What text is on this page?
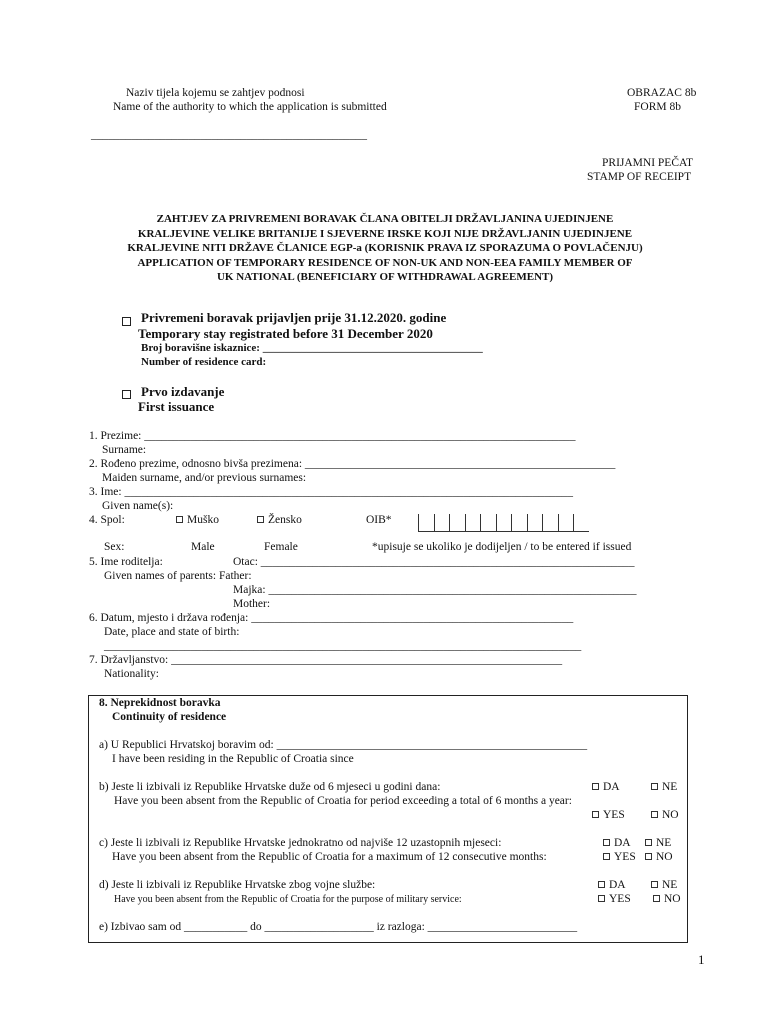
Naziv tijela kojemu se zahtjev podnosi
Name of the authority to which the application is submitted
OBRAZAC 8b
FORM 8b
________________________________________________
PRIJAMNI PEČAT
STAMP OF RECEIPT
ZAHTJEV ZA PRIVREMENI BORAVAK ČLANA OBITELJI DRŽAVLJANINA UJEDINJENE
KRALJEVINE VELIKE BRITANIJE I SJEVERNE IRSKE KOJI NIJE DRŽAVLJANIN UJEDINJENE
KRALJEVINE NITI DRŽAVE ČLANICE EGP-a (KORISNIK PRAVA IZ SPORAZUMA O POVLAČENJU)
APPLICATION OF TEMPORARY RESIDENCE OF NON-UK AND NON-EEA FAMILY MEMBER OF
UK NATIONAL (BENEFICIARY OF WITHDRAWAL AGREEMENT)
Privremeni boravak prijavljen prije 31.12.2020. godine
Temporary stay registrated before 31 December 2020
Broj boravišne iskaznice: ________________________________________
Number of residence card:
Prvo izdavanje
First issuance
1. Prezime: ___________________________________________________________________________
Surname:
2. Rođeno prezime, odnosno bivša prezimena: ______________________________________________________
Maiden surname, and/or previous surnames:
3. Ime: ______________________________________________________________________________
Given name(s):
4. Spol:	Muško	Žensko	OIB*
Sex:	Male	Female	*upisuje se ukoliko je dodijeljen / to be entered if issued
5. Ime roditelja:	Otac: _________________________________________________________________
Given names of parents: Father:
Majka: ________________________________________________________________
Mother:
6. Datum, mjesto i država rođenja: ________________________________________________________
Date, place and state of birth:
___________________________________________________________________________________
7. Državljanstvo: ____________________________________________________________________
Nationality:
8. Neprekidnost boravka
Continuity of residence
a) U Republici Hrvatskoj boravim od: ______________________________________________________
I have been residing in the Republic of Croatia since
b) Jeste li izbivali iz Republike Hrvatske duže od 6 mjeseci u godini dana:
Have you been absent from the Republic of Croatia for period exceeding a total of 6 months a year:
DA	NE
YES	NO
c) Jeste li izbivali iz Republike Hrvatske jednokratno od najviše 12 uzastopnih mjeseci:
Have you been absent from the Republic of Croatia for a maximum of 12 consecutive months:
DA	NE
YES	NO
d) Jeste li izbivali iz Republike Hrvatske zbog vojne službe:
Have you been absent from the Republic of Croatia for the purpose of military service:
DA	NE
YES	NO
e) Izbivao sam od ___________ do ___________________ iz razloga: __________________________
1
